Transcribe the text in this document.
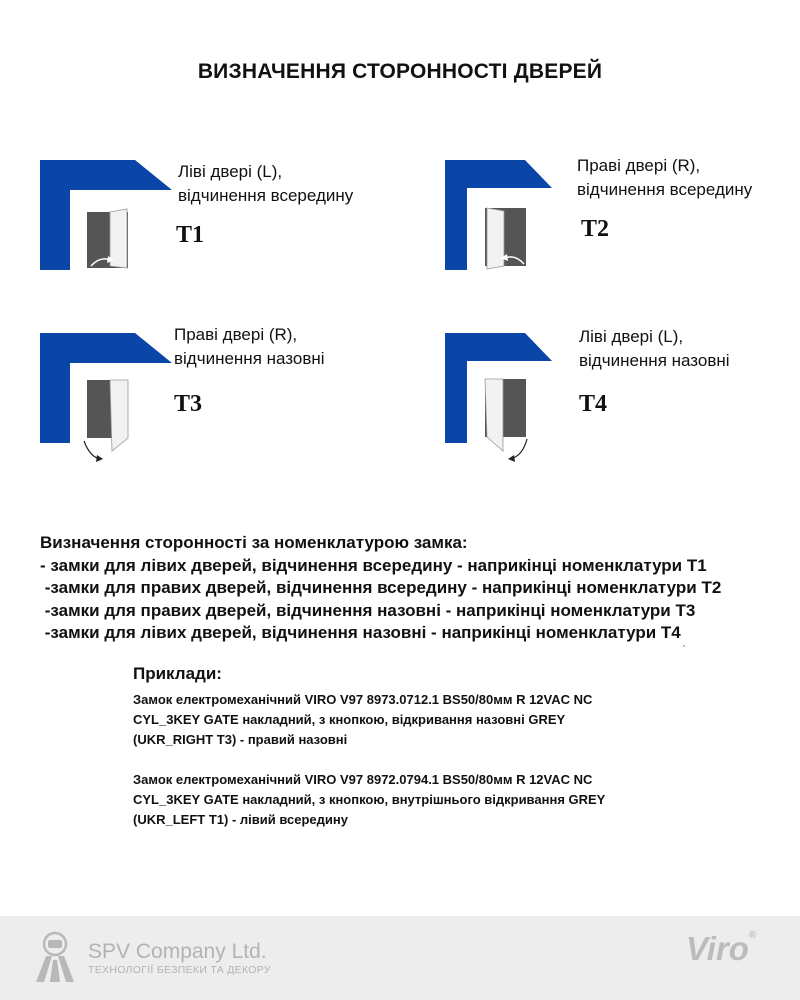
ВИЗНАЧЕННЯ СТОРОННОСТІ ДВЕРЕЙ
Ліві двері (L),
відчинення всередину
T1
Праві двері (R),
відчинення всередину
T2
Праві двері (R),
відчинення назовні
T3
Ліві двері (L),
відчинення назовні
T4
Визначення сторонності за номенклатурою замка:
- замки для лівих дверей, відчинення всередину - наприкінці номенклатури Т1
-замки для правих дверей, відчинення всередину - наприкінці номенклатури Т2
-замки для правих дверей, відчинення назовні - наприкінці номенклатури Т3
-замки для лівих дверей, відчинення назовні - наприкінці номенклатури Т4
Приклади:
Замок електромеханічний VIRO V97 8973.0712.1 BS50/80мм R 12VAC NC
CYL_3KEY GATE накладний, з кнопкою, відкривання назовні GREY
(UKR_RIGHT T3) - правий назовні
Замок електромеханічний VIRO V97 8972.0794.1 BS50/80мм R 12VAC NC
CYL_3KEY GATE накладний, з кнопкою, внутрішнього відкривання GREY
(UKR_LEFT T1) - лівий всередину
SPV Company Ltd.
ТЕХНОЛОГІЇ БЕЗПЕКИ ТА ДЕКОРУ
Viro®
